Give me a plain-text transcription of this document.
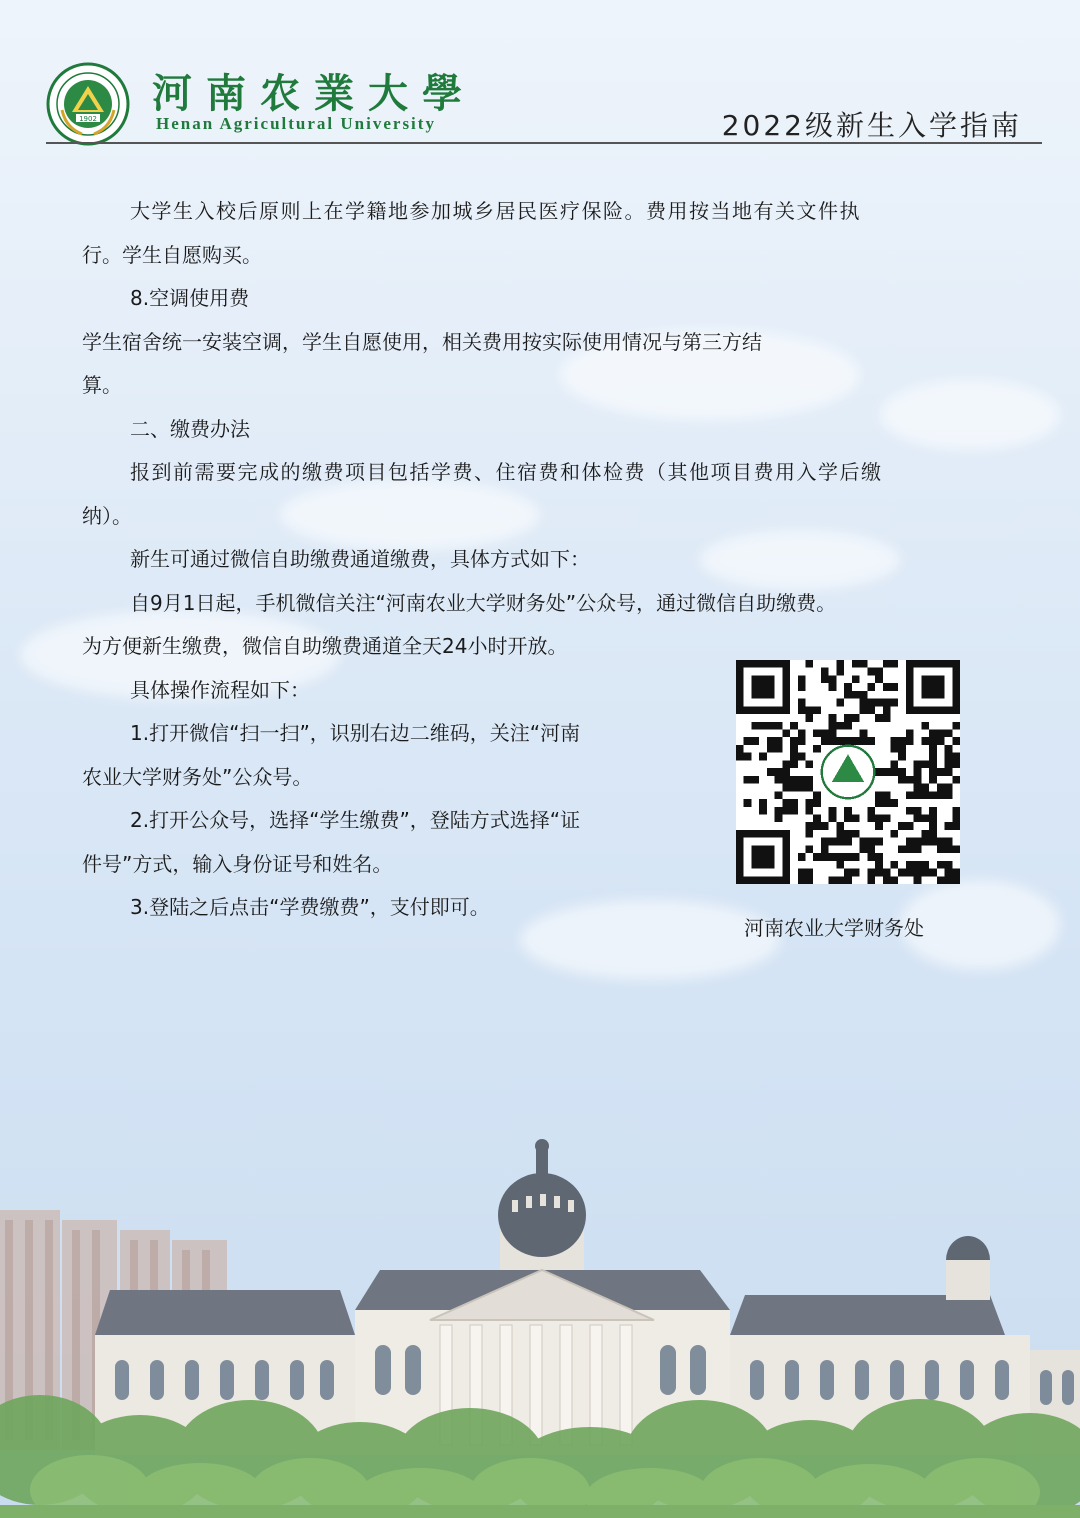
1902
河南农業大學
Henan Agricultural University	2022级新生入学指南

大学生入校后原则上在学籍地参加城乡居民医疗保险。费用按当地有关文件执

行。学生自愿购买。

8.空调使用费

学生宿舍统一安装空调，学生自愿使用，相关费用按实际使用情况与第三方结

算。

二、缴费办法

报到前需要完成的缴费项目包括学费、住宿费和体检费（其他项目费用入学后缴

纳）。

新生可通过微信自助缴费通道缴费，具体方式如下：

自9月1日起，手机微信关注“河南农业大学财务处”公众号，通过微信自助缴费。

为方便新生缴费，微信自助缴费通道全天24小时开放。

具体操作流程如下：

1.打开微信“扫一扫”，识别右边二维码，关注“河南

农业大学财务处”公众号。

2.打开公众号，选择“学生缴费”，登陆方式选择“证

件号”方式，输入身份证号和姓名。

3.登陆之后点击“学费缴费”，支付即可。

河南农业大学财务处
